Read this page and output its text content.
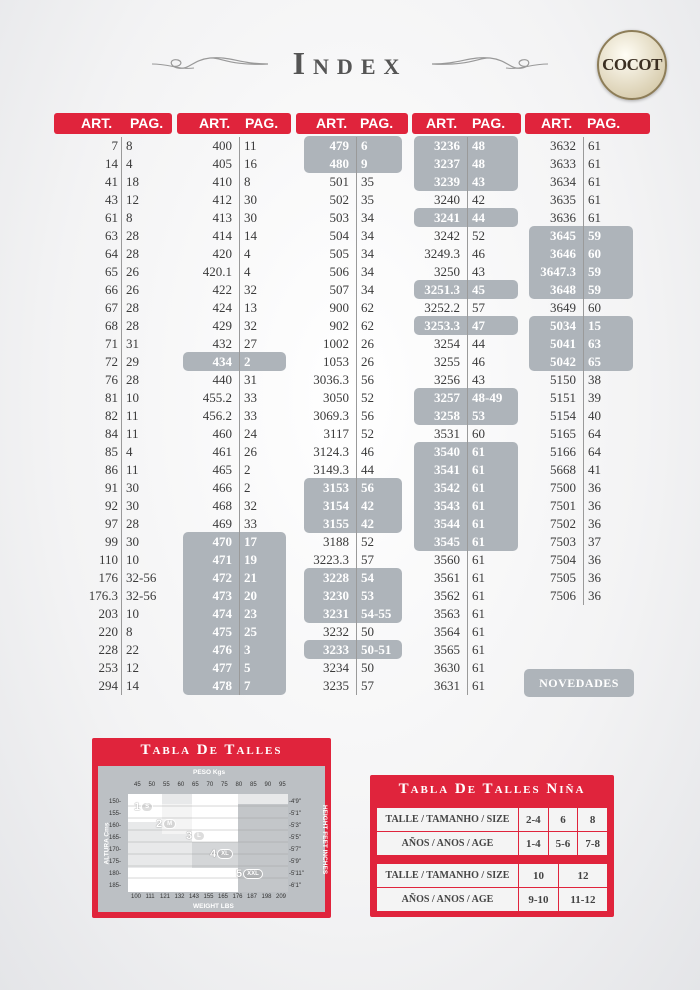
Index	COCOT
ART. PAG.	ART. PAG.	ART. PAG. ART. PAG.	ART. PAG.
7 8
14 4
41 18
43 12
61 8
63 28
64 28
65 26
66 26
67 28
68 28
71 31
72 29
76 28
81 10
82 11
84 11
85 4
86 11
91 30
92 30
97 28
99 30
110 10
176 32-56
176.3 32-56
203 10
220 8
228 22
253 12
294 14
400 11
405 16
410 8
412 30
413 30
414 14
420 4
420.1 4
422 32
424 13
429 32
432 27
434 2
440 31
455.2 33
456.2 33
460 24
461 26
465 2
466 2
468 32
469 33
470 17
471 19
472 21
473 20
474 23
475 25
476 3
477 5
478 7
479 6
480 9
501 35
502 35
503 34
504 34
505 34
506 34
507 34
900 62
902 62
1002 26
1053 26
3036.3 56
3050 52
3069.3 56
3117 52
3124.3 46
3149.3 44
3153 56
3154 42
3155 42
3188 52
3223.3 57
3228 54
3230 53
3231 54-55
3232 50
3233 50-51
3234 50
3235 57
3236 48
3237 48
3239 43
3240 42
3241 44
3242 52
3249.3 46
3250 43
3251.3 45
3252.2 57
3253.3 47
3254 44
3255 46
3256 43
3257 48-49
3258 53
3531 60
3540 61
3541 61
3542 61
3543 61
3544 61
3545 61
3560 61
3561 61
3562 61
3563 61
3564 61
3565 61
3630 61
3631 61
3632 61
3633 61
3634 61
3635 61
3636 61
3645 59
3646 60
3647.3 59
3648 59
3649 60
5034 15
5041 63
5042 65
5150 38
5151 39
5154 40
5165 64
5166 64
5668 41
7500 36
7501 36
7502 36
7503 37
7504 36
7505 36
7506 36
NOVEDADES
Tabla De Talles
PESO Kgs
45 50 55 60 65 70 75 80 85 90 95
WEIGHT LBS
100 111 121 132 143 155 165 176 187 198 209
ALTURA Cms
150-
155-
160-
165-
170-
175-
180-
185-
HEIGHT FEET INCHES
-4'9"
-5'1"
-5'3"
-5'5"
-5'7"
-5'9"
-5'11"
-6'1"
1 S
2 M
3 L
4 XL
5 XXL
Tabla De Talles Niña
TALLE / TAMANHO / SIZE	2-4	6	8
AÑOS / ANOS / AGE	1-4	5-6	7-8
TALLE / TAMANHO / SIZE	10	12
AÑOS / ANOS / AGE	9-10	11-12
